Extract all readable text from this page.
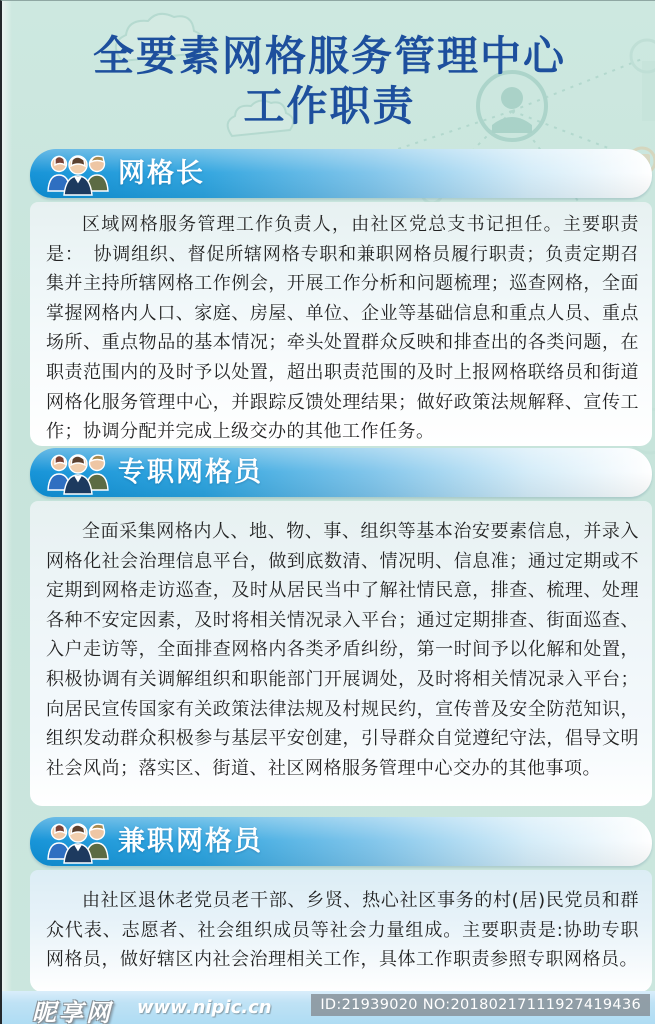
全要素网格服务管理中心
工作职责
网格长

区域网格服务管理工作负责人，由社区党总支书记担任。主要职责是：　协调组织、督促所辖网格专职和兼职网格员履行职责；负责定期召集并主持所辖网格工作例会，开展工作分析和问题梳理；巡查网格，全面掌握网格内人口、家庭、房屋、单位、企业等基础信息和重点人员、重点场所、重点物品的基本情况；牵头处置群众反映和排查出的各类问题，在职责范围内的及时予以处置，超出职责范围的及时上报网格联络员和街道网格化服务管理中心，并跟踪反馈处理结果；做好政策法规解释、宣传工作；协调分配并完成上级交办的其他工作任务。

专职网格员

全面采集网格内人、地、物、事、组织等基本治安要素信息，并录入网格化社会治理信息平台，做到底数清、情况明、信息准；通过定期或不定期到网格走访巡查，及时从居民当中了解社情民意，排查、梳理、处理各种不安定因素，及时将相关情况录入平台；通过定期排查、街面巡查、入户走访等，全面排查网格内各类矛盾纠纷，第一时间予以化解和处置，积极协调有关调解组织和职能部门开展调处，及时将相关情况录入平台；向居民宣传国家有关政策法律法规及村规民约，宣传普及安全防范知识，组织发动群众积极参与基层平安创建，引导群众自觉遵纪守法，倡导文明社会风尚；落实区、街道、社区网格服务管理中心交办的其他事项。

兼职网格员

由社区退休老党员老干部、乡贤、热心社区事务的村(居)民党员和群众代表、志愿者、社会组织成员等社会力量组成。主要职责是:协助专职网格员，做好辖区内社会治理相关工作，具体工作职责参照专职网格员。

昵享网 www.nipic.cn	ID:21939020 NO:20180217111927419436
